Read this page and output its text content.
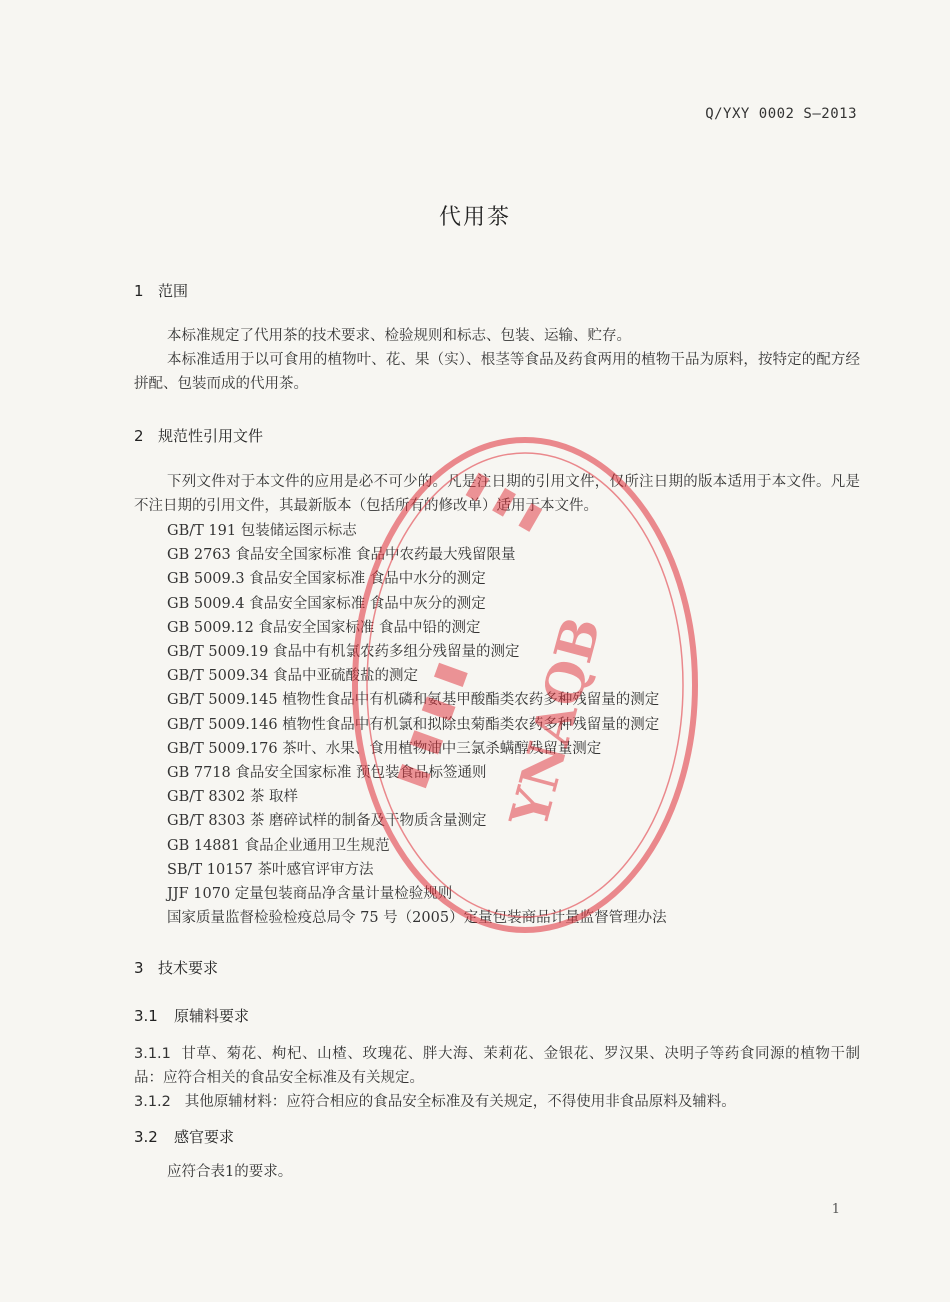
Q/YXY 0002 S—2013
代用茶
1 范围
本标准规定了代用茶的技术要求、检验规则和标志、包装、运输、贮存。
本标准适用于以可食用的植物叶、花、果（实）、根茎等食品及药食两用的植物干品为原料，按特定的配方经拼配、包装而成的代用茶。
2 规范性引用文件
下列文件对于本文件的应用是必不可少的。凡是注日期的引用文件，仅所注日期的版本适用于本文件。凡是不注日期的引用文件，其最新版本（包括所有的修改单）适用于本文件。
GB/T 191 包装储运图示标志
GB 2763 食品安全国家标准 食品中农药最大残留限量
GB 5009.3 食品安全国家标准 食品中水分的测定
GB 5009.4 食品安全国家标准 食品中灰分的测定
GB 5009.12 食品安全国家标准 食品中铅的测定
GB/T 5009.19 食品中有机氯农药多组分残留量的测定
GB/T 5009.34 食品中亚硫酸盐的测定
GB/T 5009.145 植物性食品中有机磷和氨基甲酸酯类农药多种残留量的测定
GB/T 5009.146 植物性食品中有机氯和拟除虫菊酯类农药多种残留量的测定
GB/T 5009.176 茶叶、水果、食用植物油中三氯杀螨醇残留量测定
GB 7718 食品安全国家标准 预包装食品标签通则
GB/T 8302 茶 取样
GB/T 8303 茶 磨碎试样的制备及干物质含量测定
GB 14881 食品企业通用卫生规范
SB/T 10157 茶叶感官评审方法
JJF 1070 定量包装商品净含量计量检验规则
国家质量监督检验检疫总局令 75 号（2005）定量包装商品计量监督管理办法
3 技术要求
3.1 原辅料要求
3.1.1 甘草、菊花、枸杞、山楂、玫瑰花、胖大海、茉莉花、金银花、罗汉果、决明子等药食同源的植物干制品：应符合相关的食品安全标准及有关规定。
3.1.2 其他原辅材料：应符合相应的食品安全标准及有关规定，不得使用非食品原料及辅料。
3.2 感官要求
应符合表1的要求。
1
YNAQB
▮ ▮ ▮ ▮
▮ ▮ ▮
